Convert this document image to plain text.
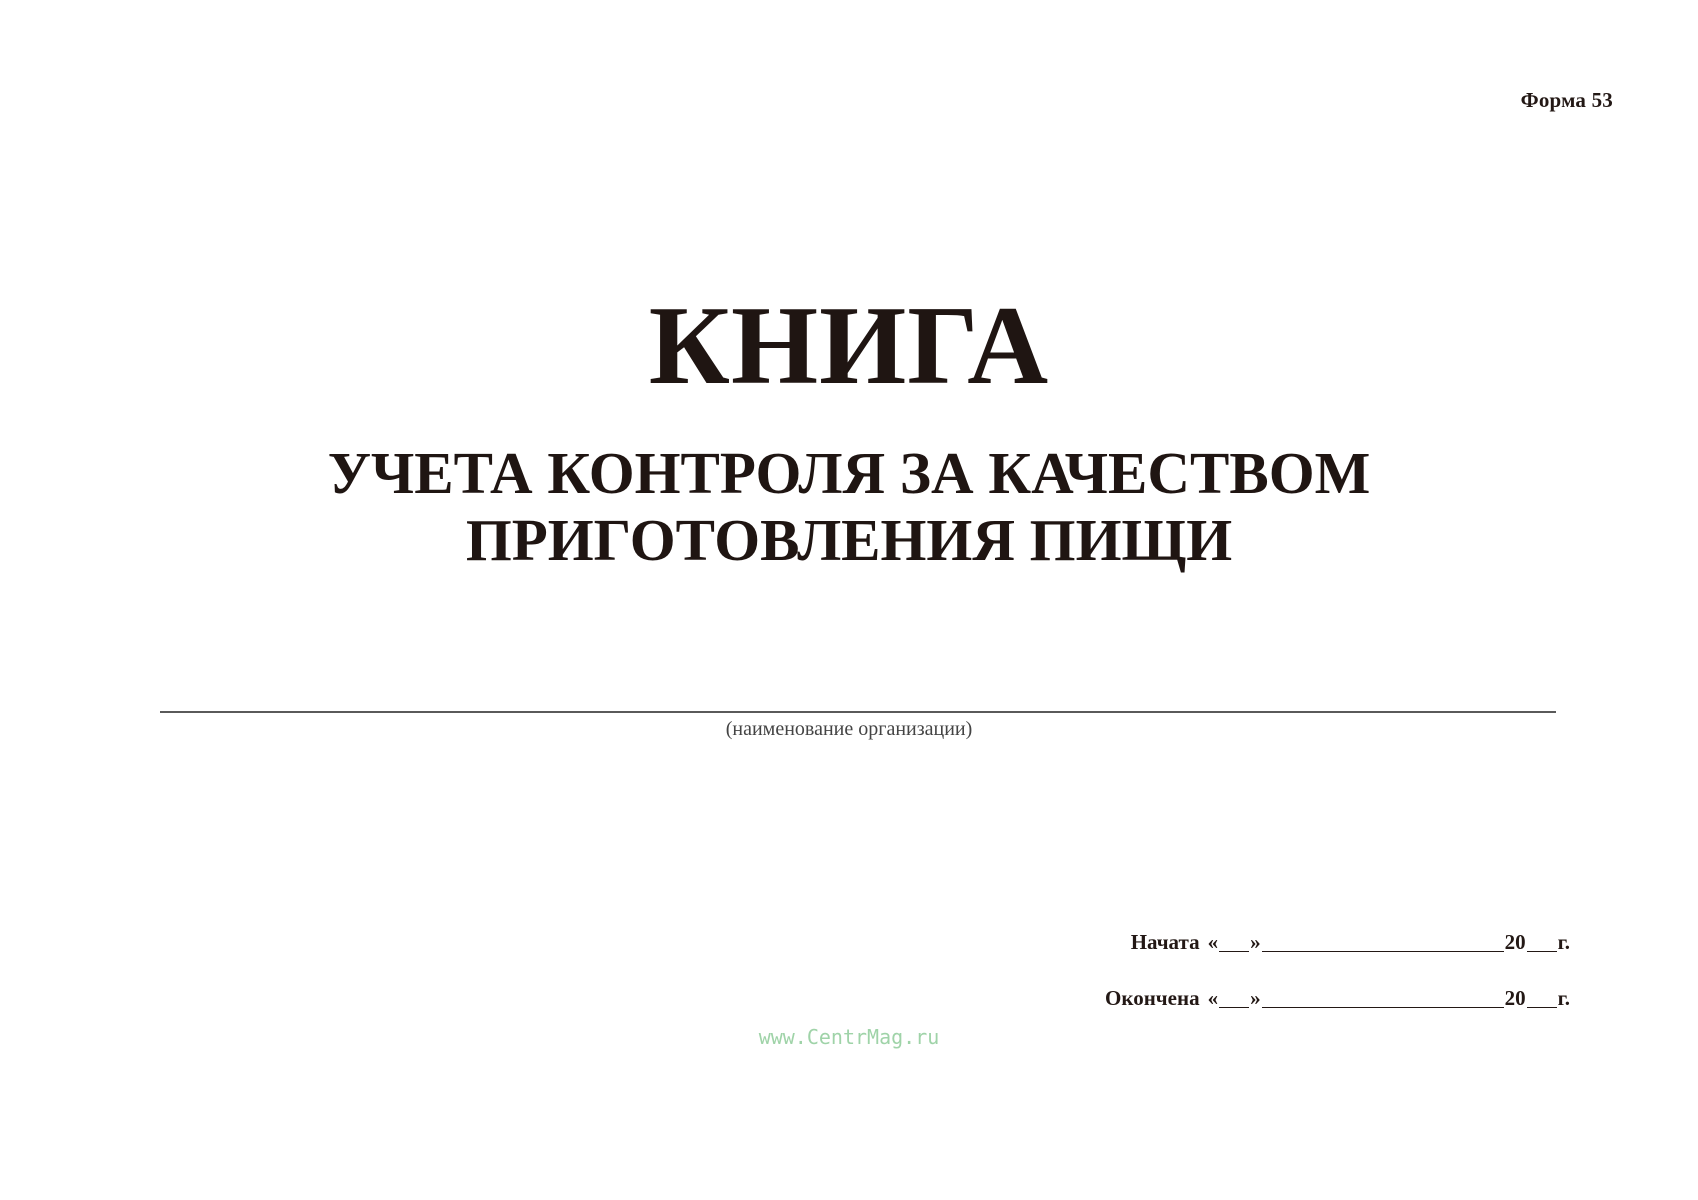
Форма 53
КНИГА
УЧЕТА КОНТРОЛЯ ЗА КАЧЕСТВОМ
ПРИГОТОВЛЕНИЯ ПИЩИ
(наименование организации)
Начата « »	20 г.
Окончена « »	20 г.
www.CentrMag.ru
